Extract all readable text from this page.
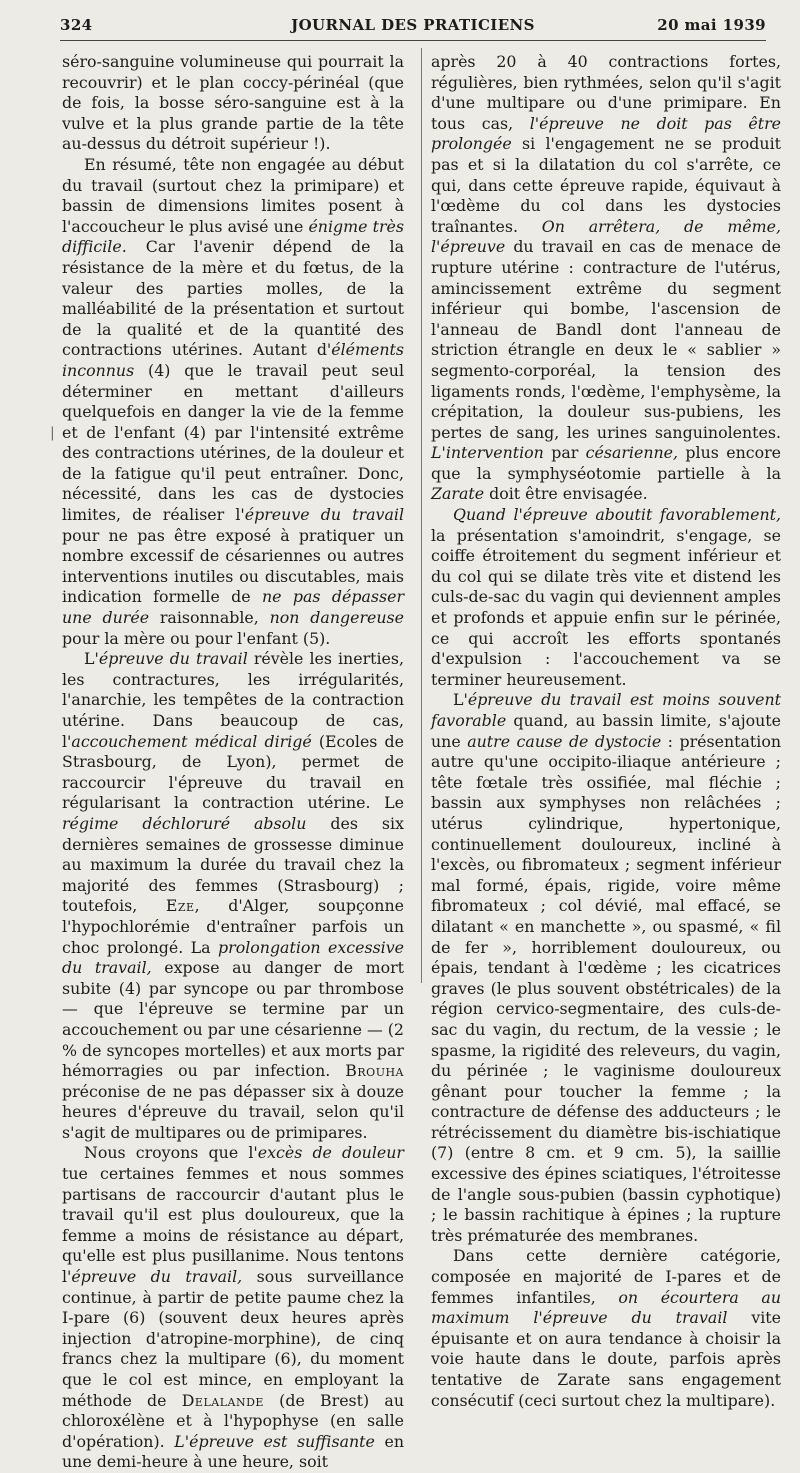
324	JOURNAL DES PRATICIENS	20 mai 1939
|

séro-sanguine volumineuse qui pourrait la recouvrir) et le plan coccy-périnéal (que de fois, la bosse séro-sanguine est à la vulve et la plus grande partie de la tête au-dessus du détroit supérieur !).

En résumé, tête non engagée au début du travail (surtout chez la primipare) et bassin de dimensions limites posent à l'accoucheur le plus avisé une énigme très difficile. Car l'avenir dépend de la résistance de la mère et du fœtus, de la valeur des parties molles, de la malléabilité de la présentation et surtout de la qualité et de la quantité des contractions utérines. Autant d'éléments inconnus (4) que le travail peut seul déterminer en mettant d'ailleurs quelquefois en danger la vie de la femme et de l'enfant (4) par l'intensité extrême des contractions utérines, de la douleur et de la fatigue qu'il peut entraîner. Donc, nécessité, dans les cas de dystocies limites, de réaliser l'épreuve du travail pour ne pas être exposé à pratiquer un nombre excessif de césariennes ou autres interventions inutiles ou discutables, mais indication formelle de ne pas dépasser une durée raisonnable, non dangereuse pour la mère ou pour l'enfant (5).

L'épreuve du travail révèle les inerties, les contractures, les irrégularités, l'anarchie, les tempêtes de la contraction utérine. Dans beaucoup de cas, l'accouchement médical dirigé (Ecoles de Strasbourg, de Lyon), permet de raccourcir l'épreuve du travail en régularisant la contraction utérine. Le régime déchloruré absolu des six dernières semaines de grossesse diminue au maximum la durée du travail chez la majorité des femmes (Strasbourg) ; toutefois, Eze, d'Alger, soupçonne l'hypochlorémie d'entraîner parfois un choc prolongé. La prolongation excessive du travail, expose au danger de mort subite (4) par syncope ou par thrombose — que l'épreuve se termine par un accouchement ou par une césarienne — (2 % de syncopes mortelles) et aux morts par hémorragies ou par infection. Brouha préconise de ne pas dépasser six à douze heures d'épreuve du travail, selon qu'il s'agit de multipares ou de primipares.

Nous croyons que l'excès de douleur tue certaines femmes et nous sommes partisans de raccourcir d'autant plus le travail qu'il est plus douloureux, que la femme a moins de résistance au départ, qu'elle est plus pusillanime. Nous tentons l'épreuve du travail, sous surveillance continue, à partir de petite paume chez la I-pare (6) (souvent deux heures après injection d'atropine-morphine), de cinq francs chez la multipare (6), du moment que le col est mince, en employant la méthode de Delalande (de Brest) au chloroxélène et à l'hypophyse (en salle d'opération). L'épreuve est suffisante en une demi-heure à une heure, soit

après 20 à 40 contractions fortes, régulières, bien rythmées, selon qu'il s'agit d'une multipare ou d'une primipare. En tous cas, l'épreuve ne doit pas être prolongée si l'engagement ne se produit pas et si la dilatation du col s'arrête, ce qui, dans cette épreuve rapide, équivaut à l'œdème du col dans les dystocies traînantes. On arrêtera, de même, l'épreuve du travail en cas de menace de rupture utérine : contracture de l'utérus, amincissement extrême du segment inférieur qui bombe, l'ascension de l'anneau de Bandl dont l'anneau de striction étrangle en deux le « sablier » segmento-corporéal, la tension des ligaments ronds, l'œdème, l'emphysème, la crépitation, la douleur sus-pubiens, les pertes de sang, les urines sanguinolentes. L'intervention par césarienne, plus encore que la symphyséotomie partielle à la Zarate doit être envisagée.

Quand l'épreuve aboutit favorablement, la présentation s'amoindrit, s'engage, se coiffe étroitement du segment inférieur et du col qui se dilate très vite et distend les culs-de-sac du vagin qui deviennent amples et profonds et appuie enfin sur le périnée, ce qui accroît les efforts spontanés d'expulsion : l'accouchement va se terminer heureusement.

L'épreuve du travail est moins souvent favorable quand, au bassin limite, s'ajoute une autre cause de dystocie : présentation autre qu'une occipito-iliaque antérieure ; tête fœtale très ossifiée, mal fléchie ; bassin aux symphyses non relâchées ; utérus cylindrique, hypertonique, continuellement douloureux, incliné à l'excès, ou fibromateux ; segment inférieur mal formé, épais, rigide, voire même fibromateux ; col dévié, mal effacé, se dilatant « en manchette », ou spasmé, « fil de fer », horriblement douloureux, ou épais, tendant à l'œdème ; les cicatrices graves (le plus souvent obstétricales) de la région cervico-segmentaire, des culs-de-sac du vagin, du rectum, de la vessie ; le spasme, la rigidité des releveurs, du vagin, du périnée ; le vaginisme douloureux gênant pour toucher la femme ; la contracture de défense des adducteurs ; le rétrécissement du diamètre bis-ischiatique (7) (entre 8 cm. et 9 cm. 5), la saillie excessive des épines sciatiques, l'étroitesse de l'angle sous-pubien (bassin cyphotique) ; le bassin rachitique à épines ; la rupture très prématurée des membranes.

Dans cette dernière catégorie, composée en majorité de I-pares et de femmes infantiles, on écourtera au maximum l'épreuve du travail vite épuisante et on aura tendance à choisir la voie haute dans le doute, parfois après tentative de Zarate sans engagement consécutif (ceci surtout chez la multipare).
